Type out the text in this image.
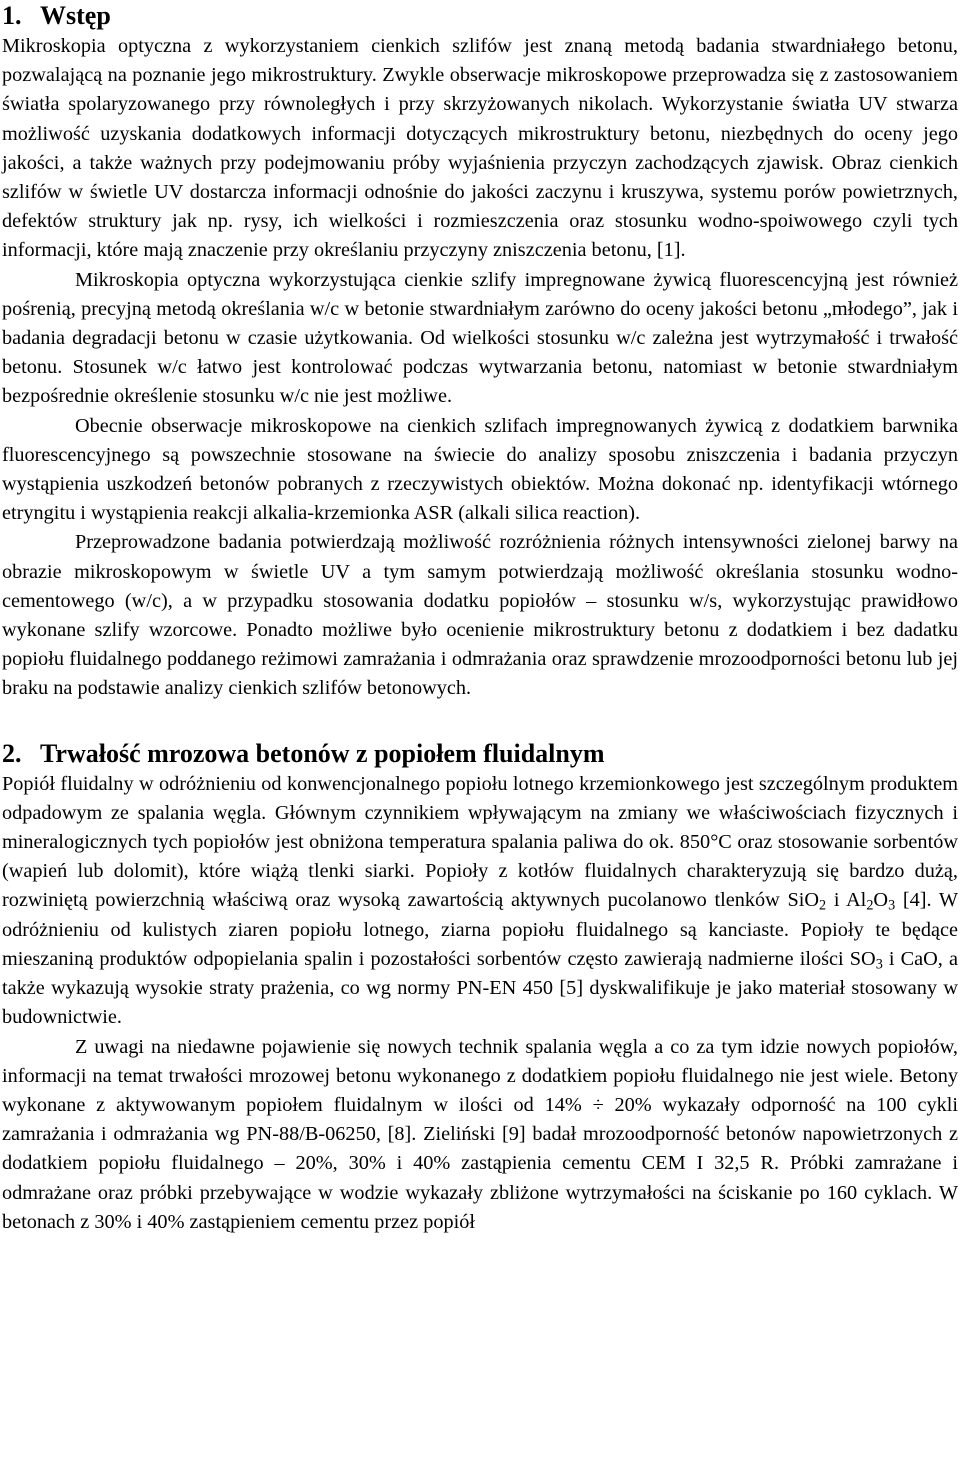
1. Wstęp

Mikroskopia optyczna z wykorzystaniem cienkich szlifów jest znaną metodą badania stwardniałego betonu, pozwalającą na poznanie jego mikrostruktury. Zwykle obserwacje mikroskopowe przeprowadza się z zastosowaniem światła spolaryzowanego przy równoległych i przy skrzyżowanych nikolach. Wykorzystanie światła UV stwarza możliwość uzyskania dodatkowych informacji dotyczących mikrostruktury betonu, niezbędnych do oceny jego jakości, a także ważnych przy podejmowaniu próby wyjaśnienia przyczyn zachodzących zjawisk. Obraz cienkich szlifów w świetle UV dostarcza informacji odnośnie do jakości zaczynu i kruszywa, systemu porów powietrznych, defektów struktury jak np. rysy, ich wielkości i rozmieszczenia oraz stosunku wodno-spoiwowego czyli tych informacji, które mają znaczenie przy określaniu przyczyny zniszczenia betonu, [1].

Mikroskopia optyczna wykorzystująca cienkie szlify impregnowane żywicą fluorescencyjną jest również pośrenią, precyjną metodą określania w/c w betonie stwardniałym zarówno do oceny jakości betonu „młodego”, jak i badania degradacji betonu w czasie użytkowania. Od wielkości stosunku w/c zależna jest wytrzymałość i trwałość betonu. Stosunek w/c łatwo jest kontrolować podczas wytwarzania betonu, natomiast w betonie stwardniałym bezpośrednie określenie stosunku w/c nie jest możliwe.

Obecnie obserwacje mikroskopowe na cienkich szlifach impregnowanych żywicą z dodatkiem barwnika fluorescencyjnego są powszechnie stosowane na świecie do analizy sposobu zniszczenia i badania przyczyn wystąpienia uszkodzeń betonów pobranych z rzeczywistych obiektów. Można dokonać np. identyfikacji wtórnego etryngitu i wystąpienia reakcji alkalia-krzemionka ASR (alkali silica reaction).

Przeprowadzone badania potwierdzają możliwość rozróżnienia różnych intensywności zielonej barwy na obrazie mikroskopowym w świetle UV a tym samym potwierdzają możliwość określania stosunku wodno-cementowego (w/c), a w przypadku stosowania dodatku popiołów – stosunku w/s, wykorzystując prawidłowo wykonane szlify wzorcowe. Ponadto możliwe było ocenienie mikrostruktury betonu z dodatkiem i bez dadatku popiołu fluidalnego poddanego reżimowi zamrażania i odmrażania oraz sprawdzenie mrozoodporności betonu lub jej braku na podstawie analizy cienkich szlifów betonowych.

2. Trwałość mrozowa betonów z popiołem fluidalnym

Popiół fluidalny w odróżnieniu od konwencjonalnego popiołu lotnego krzemionkowego jest szczególnym produktem odpadowym ze spalania węgla. Głównym czynnikiem wpływającym na zmiany we właściwościach fizycznych i mineralogicznych tych popiołów jest obniżona temperatura spalania paliwa do ok. 850°C oraz stosowanie sorbentów (wapień lub dolomit), które wiążą tlenki siarki. Popioły z kotłów fluidalnych charakteryzują się bardzo dużą, rozwiniętą powierzchnią właściwą oraz wysoką zawartością aktywnych pucolanowo tlenków SiO$_2$ i $Al_2O_3$ [4]. W odróżnieniu od kulistych ziaren popiołu lotnego, ziarna popiołu fluidalnego są kanciaste. Popioły te będące mieszaniną produktów odpopielania spalin i pozostałości sorbentów często zawierają nadmierne ilości $SO_3$ i CaO, a także wykazują wysokie straty prażenia, co wg normy PN-EN 450 [5] dyskwalifikuje je jako materiał stosowany w budownictwie.

Z uwagi na niedawne pojawienie się nowych technik spalania węgla a co za tym idzie nowych popiołów, informacji na temat trwałości mrozowej betonu wykonanego z dodatkiem popiołu fluidalnego nie jest wiele. Betony wykonane z aktywowanym popiołem fluidalnym w ilości od 14% ÷ 20% wykazały odporność na 100 cykli zamrażania i odmrażania wg PN-88/B-06250, [8]. Zieliński [9] badał mrozoodporność betonów napowietrzonych z dodatkiem popiołu fluidalnego – 20%, 30% i 40% zastąpienia cementu CEM I 32,5 R. Próbki zamrażane i odmrażane oraz próbki przebywające w wodzie wykazały zbliżone wytrzymałości na ściskanie po 160 cyklach. W betonach z 30% i 40% zastąpieniem cementu przez popiół
